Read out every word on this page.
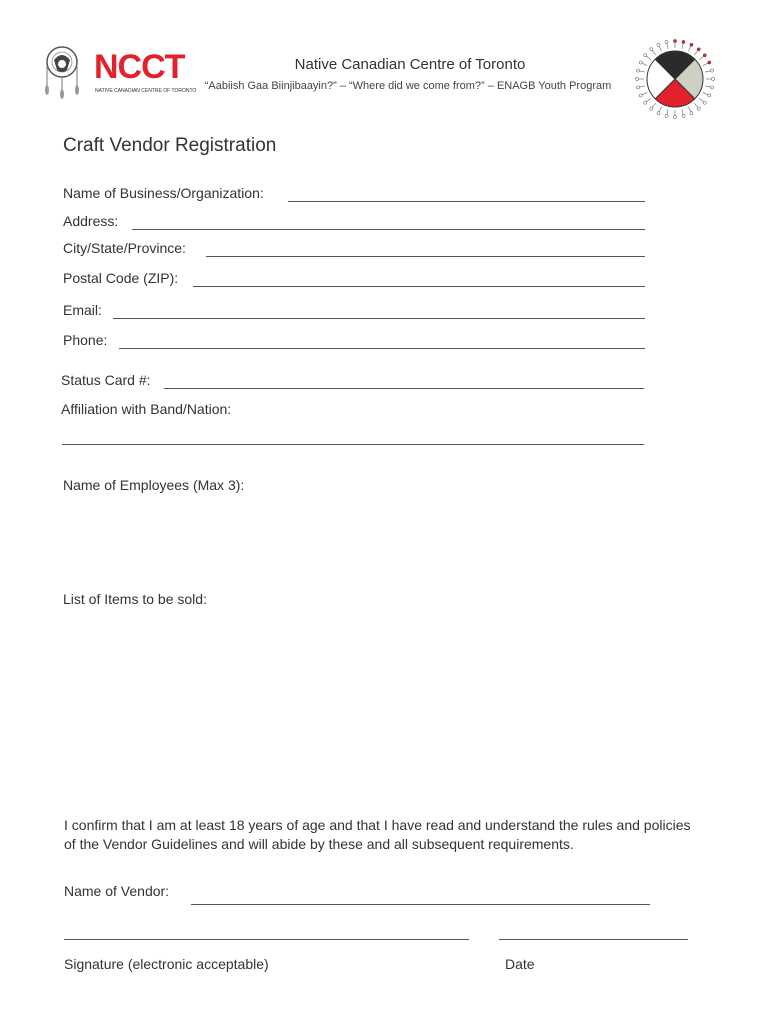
NCCT
NATIVE CANADIAN CENTRE OF TORONTO
Native Canadian Centre of Toronto
“Aabiish Gaa Biinjibaayin?” – “Where did we come from?” – ENAGB Youth Program
Craft Vendor Registration
Name of Business/Organization:
Address:
City/State/Province:
Postal Code (ZIP):
Email:
Phone:
Status Card #:
Affiliation with Band/Nation:
Name of Employees (Max 3):
List of Items to be sold:
I confirm that I am at least 18 years of age and that I have read and understand the rules and policies of the Vendor Guidelines and will abide by these and all subsequent requirements.
Name of Vendor:
Signature (electronic acceptable)	Date
